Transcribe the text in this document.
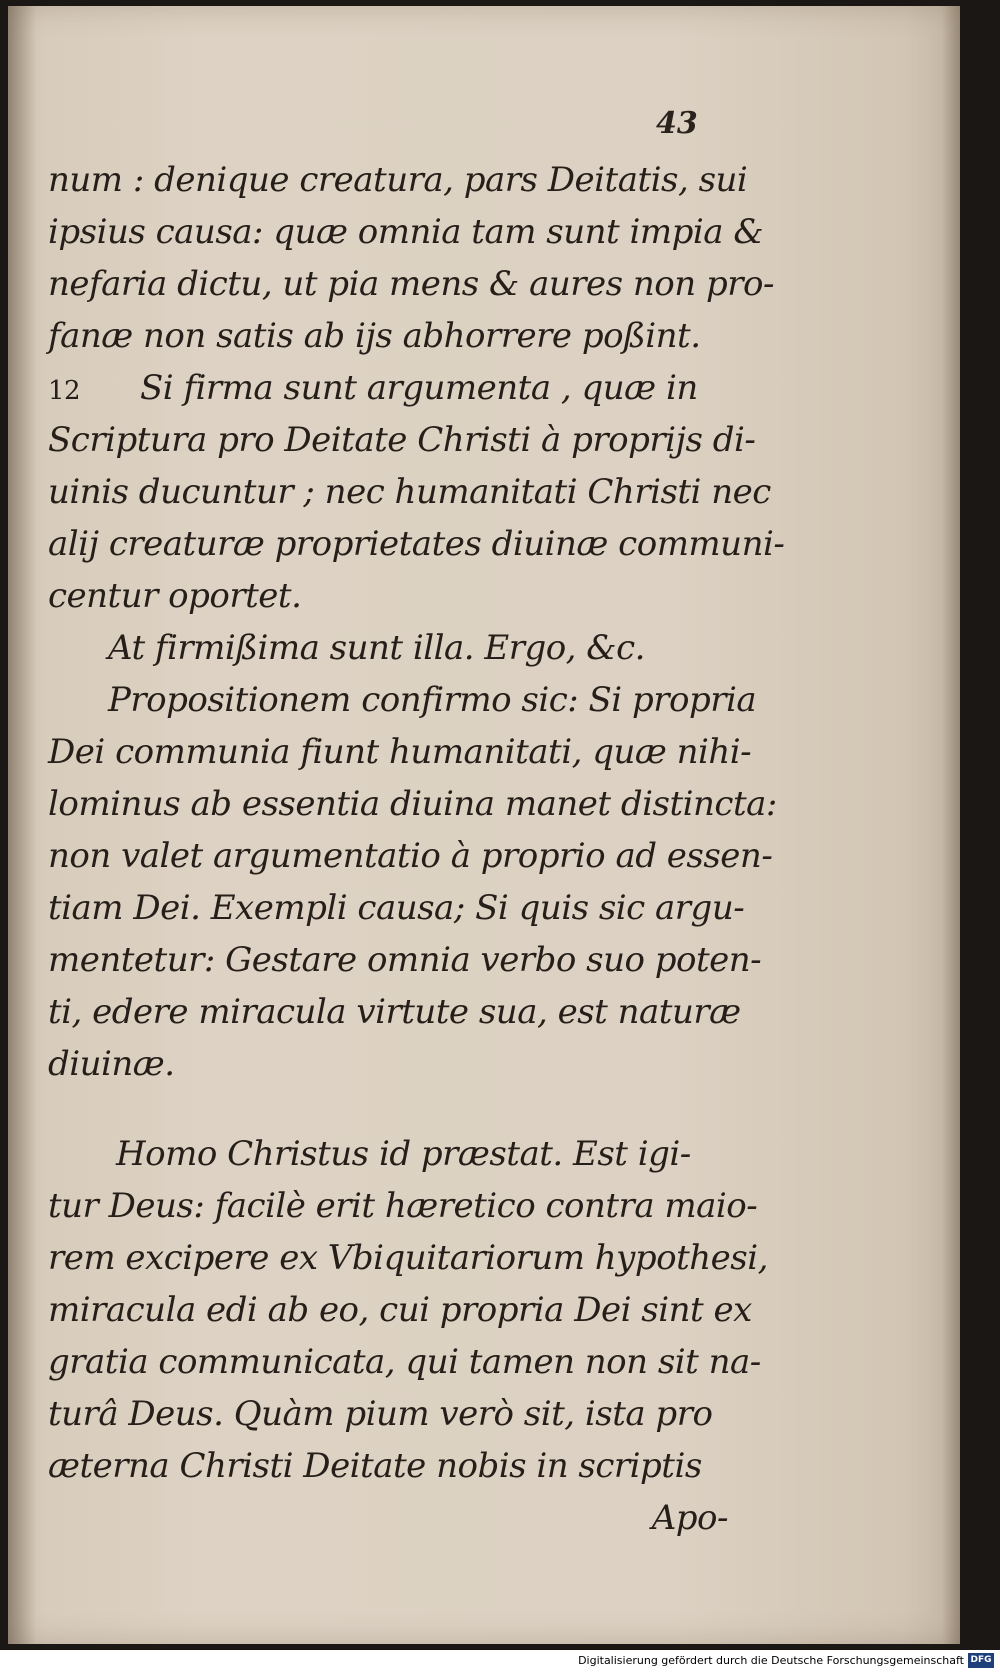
43
num : denique creatura, pars Deitatis, sui
ipsius causa: quæ omnia tam sunt impia &
nefaria dictu, ut pia mens & aures non pro-
fanæ non satis ab ijs abhorrere poßint.
12 Si firma sunt argumenta , quæ in
Scriptura pro Deitate Christi à proprijs di-
uinis ducuntur ; nec humanitati Christi nec
alij creaturæ proprietates diuinæ communi-
centur oportet.
At firmißima sunt illa. Ergo, &c.
Propositionem confirmo sic: Si propria
Dei communia fiunt humanitati, quæ nihi-
lominus ab essentia diuina manet distincta:
non valet argumentatio à proprio ad essen-
tiam Dei. Exempli causa; Si quis sic argu-
mentetur: Gestare omnia verbo suo poten-
ti, edere miracula virtute sua, est naturæ
diuinæ.
Homo Christus id præstat. Est igi-
tur Deus: facilè erit hæretico contra maio-
rem excipere ex Vbiquitariorum hypothesi,
miracula edi ab eo, cui propria Dei sint ex
gratia communicata, qui tamen non sit na-
turâ Deus. Quàm pium verò sit, ista pro
æterna Christi Deitate nobis in scriptis
Apo-
Digitalisierung gefördert durch die Deutsche Forschungsgemeinschaft DFG
